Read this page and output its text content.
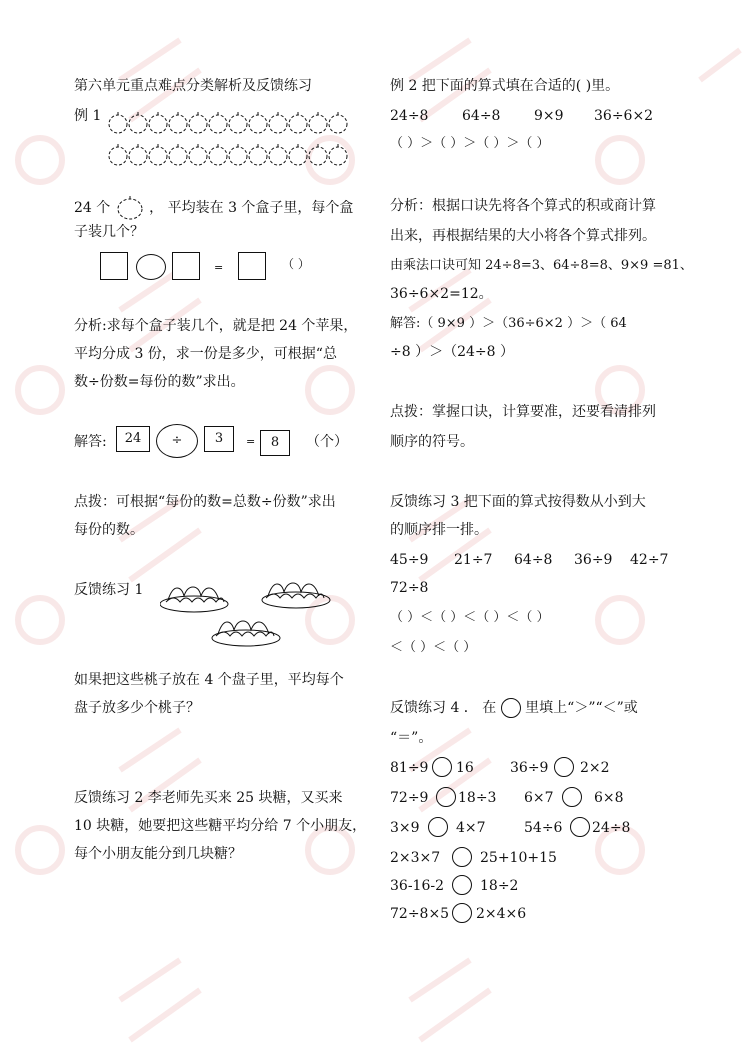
第六单元重点难点分类解析及反馈练习
例 1
24 个	， 平均装在 3 个盒子里，每个盒
子装几个？
=	（ ）
分析:求每个盒子装几个，就是把 24 个苹果，
平均分成 3 份，求一份是多少，可根据“总
数÷份数=每份的数”求出。
解答:	24	÷	3	=	8	（个）
点拨：可根据“每份的数=总数÷份数”求出
每份的数。
反馈练习 1
如果把这些桃子放在 4 个盘子里，平均每个
盘子放多少个桃子？
反馈练习 2 李老师先买来 25 块糖，又买来
10 块糖，她要把这些糖平均分给 7 个小朋友，
每个小朋友能分到几块糖？
例 2 把下面的算式填在合适的( )里。
24÷8 64÷8 9×9 36÷6×2
（ ）＞（ ）＞（ ）＞（ ）
分析：根据口诀先将各个算式的积或商计算
出来，再根据结果的大小将各个算式排列。
由乘法口诀可知 24÷8=3、64÷8=8、9×9 =81、
36÷6×2=12。
解答:（ 9×9 ）＞（36÷6×2 ）＞（ 64
÷8 ）＞（24÷8 ）
点拨：掌握口诀，计算要准，还要看清排列
顺序的符号。
反馈练习 3 把下面的算式按得数从小到大
的顺序排一排。
45÷9 21÷7 64÷8 36÷9 42÷7
72÷8
（ ）＜（ ）＜（ ）＜（ ）
＜（ ）＜（ ）
反馈练习 4 ． 在  里填上“＞”“＜”或
“＝”。
81÷9 16	36÷9 2×2
72÷9 18÷3 6×7	6×8
3×9	4×7	54÷6 24÷8
2×3×7	25+10+15
36-16-2	18÷2
72÷8×5 2×4×6
